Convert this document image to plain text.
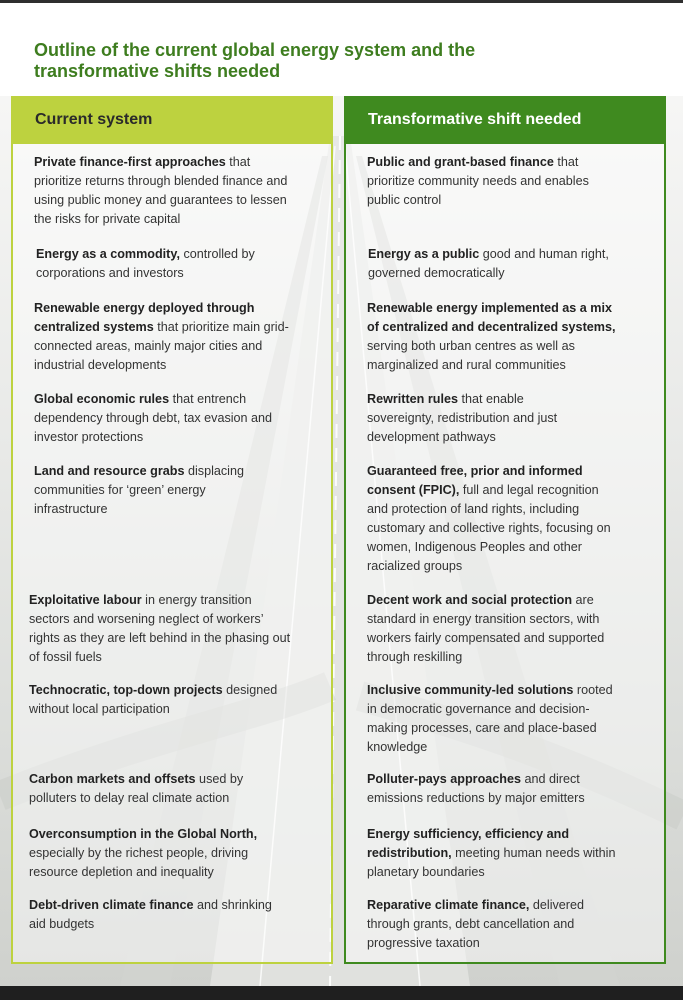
Outline of the current global energy system and the transformative shifts needed
Current system	Transformative shift needed
Private finance-first approaches that prioritize returns through blended finance and using public money and guarantees to lessen the risks for private capital
Energy as a commodity, controlled by corporations and investors
Renewable energy deployed through centralized systems that prioritize main grid-connected areas, mainly major cities and industrial developments
Global economic rules that entrench dependency through debt, tax evasion and investor protections
Land and resource grabs displacing communities for ‘green’ energy infrastructure
Exploitative labour in energy transition sectors and worsening neglect of workers’ rights as they are left behind in the phasing out of fossil fuels
Technocratic, top-down projects designed without local participation
Carbon markets and offsets used by polluters to delay real climate action
Overconsumption in the Global North, especially by the richest people, driving resource depletion and inequality
Debt-driven climate finance and shrinking aid budgets
Public and grant-based finance that prioritize community needs and enables public control
Energy as a public good and human right, governed democratically
Renewable energy implemented as a mix of centralized and decentralized systems, serving both urban centres as well as marginalized and rural communities
Rewritten rules that enable sovereignty, redistribution and just development pathways
Guaranteed free, prior and informed consent (FPIC), full and legal recognition and protection of land rights, including customary and collective rights, focusing on women, Indigenous Peoples and other racialized groups
Decent work and social protection are standard in energy transition sectors, with workers fairly compensated and supported through reskilling
Inclusive community-led solutions rooted in democratic governance and decision-making processes, care and place-based knowledge
Polluter-pays approaches and direct emissions reductions by major emitters
Energy sufficiency, efficiency and redistribution, meeting human needs within planetary boundaries
Reparative climate finance, delivered through grants, debt cancellation and progressive taxation
